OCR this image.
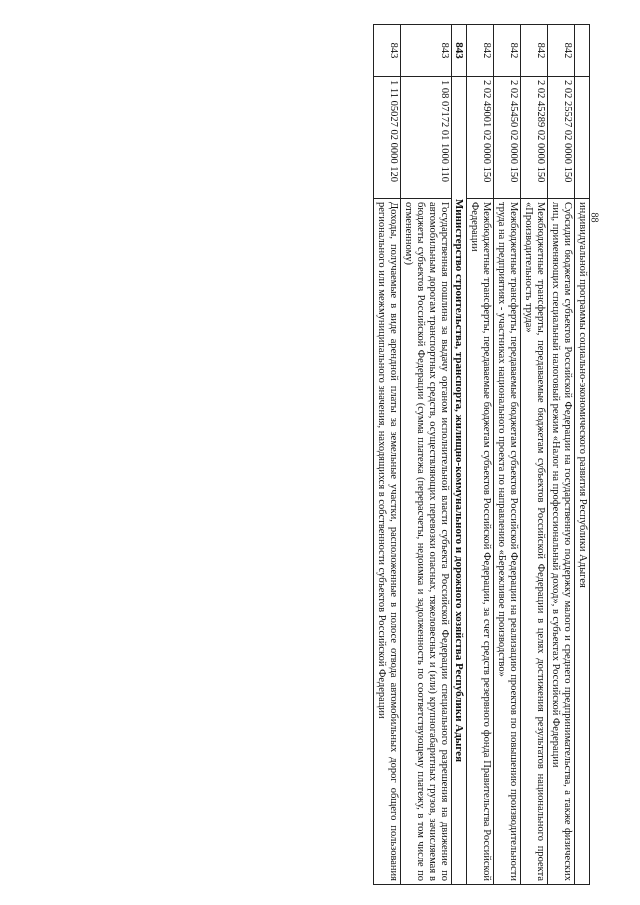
88
		индивидуальной программы социально-экономического развития Республики Адыгея
842	2 02 25527 02 0000 150	Субсидии бюджетам субъектов Российской Федерации на государственную поддержку малого и среднего предпринимательства, а также физических лиц, применяющих специальный налоговый режим «Налог на профессиональный доход», в субъектах Российской Федерации
842	2 02 45289 02 0000 150	Межбюджетные трансферты, передаваемые бюджетам субъектов Российской Федерации в целях достижения результатов национального проекта «Производительность труда»
842	2 02 45450 02 0000 150	Межбюджетные трансферты, передаваемые бюджетам субъектов Российской Федерации на реализацию проектов по повышению производительности труда на предприятиях - участниках национального проекта по направлению «Бережливое производство»
842	2 02 49001 02 0000 150	Межбюджетные трансферты, передаваемые бюджетам субъектов Российской Федерации, за счет средств резервного фонда Правительства Российской Федерации
843	Министерство строительства, транспорта, жилищно-коммунального и дорожного хозяйства Республики Адыгея	
843	1 08 07172 01 1000 110	Государственная пошлина за выдачу органом исполнительной власти субъекта Российской Федерации специального разрешения на движение по автомобильным дорогам транспортных средств, осуществляющих перевозки опасных, тяжеловесных и (или) крупногабаритных грузов, зачисляемая в бюджеты субъектов Российской Федерации (сумма платежа (перерасчеты, недоимка и задолженность по соответствующему платежу, в том числе по отмененному)
843	1 11 05027 02 0000 120	Доходы, получаемые в виде арендной платы за земельные участки, расположенные в полосе отвода автомобильных дорог общего пользования регионального или межмуниципального значения, находящихся в собственности субъектов Российской Федерации
